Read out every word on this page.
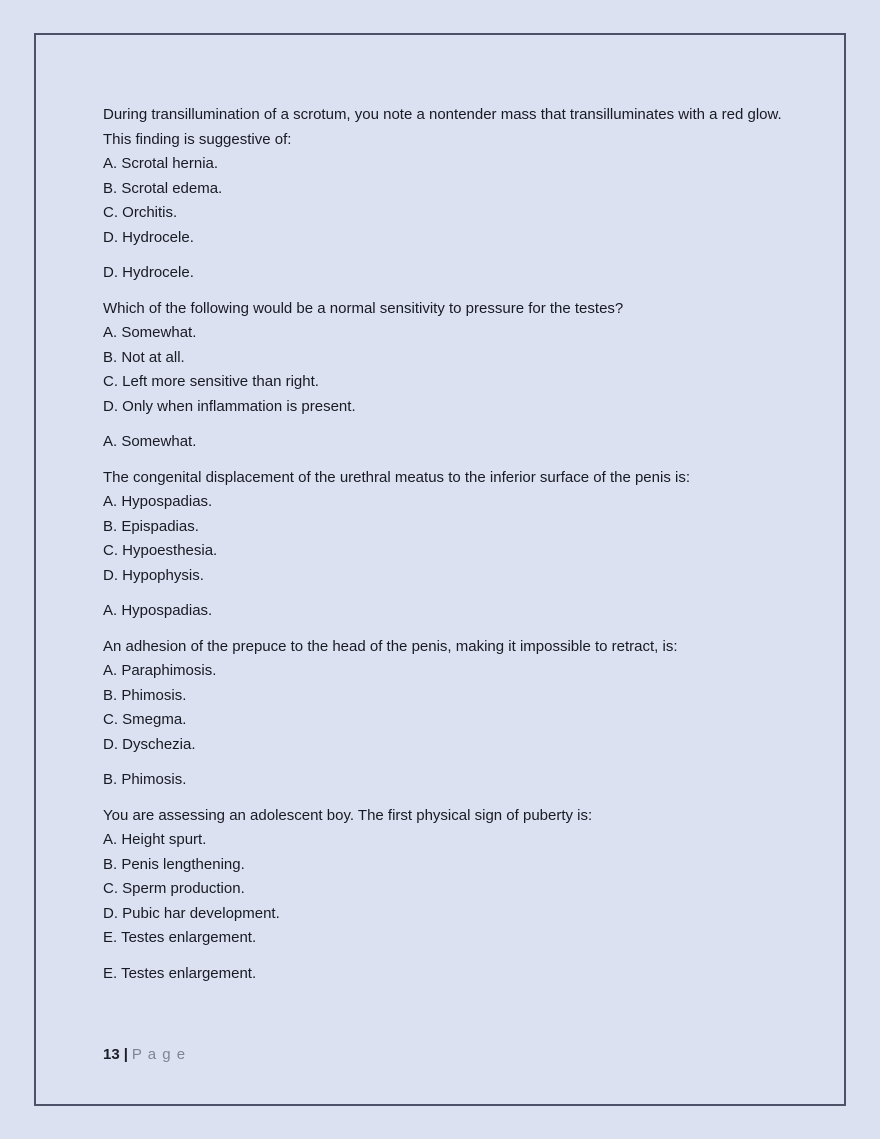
During transillumination of a scrotum, you note a nontender mass that transilluminates with a red glow. This finding is suggestive of:
A. Scrotal hernia.
B. Scrotal edema.
C. Orchitis.
D. Hydrocele.
D. Hydrocele.
Which of the following would be a normal sensitivity to pressure for the testes?
A. Somewhat.
B. Not at all.
C. Left more sensitive than right.
D. Only when inflammation is present.
A. Somewhat.
The congenital displacement of the urethral meatus to the inferior surface of the penis is:
A. Hypospadias.
B. Epispadias.
C. Hypoesthesia.
D. Hypophysis.
A. Hypospadias.
An adhesion of the prepuce to the head of the penis, making it impossible to retract, is:
A. Paraphimosis.
B. Phimosis.
C. Smegma.
D. Dyschezia.
B. Phimosis.
You are assessing an adolescent boy. The first physical sign of puberty is:
A. Height spurt.
B. Penis lengthening.
C. Sperm production.
D. Pubic har development.
E. Testes enlargement.
E. Testes enlargement.
13 | P a g e
